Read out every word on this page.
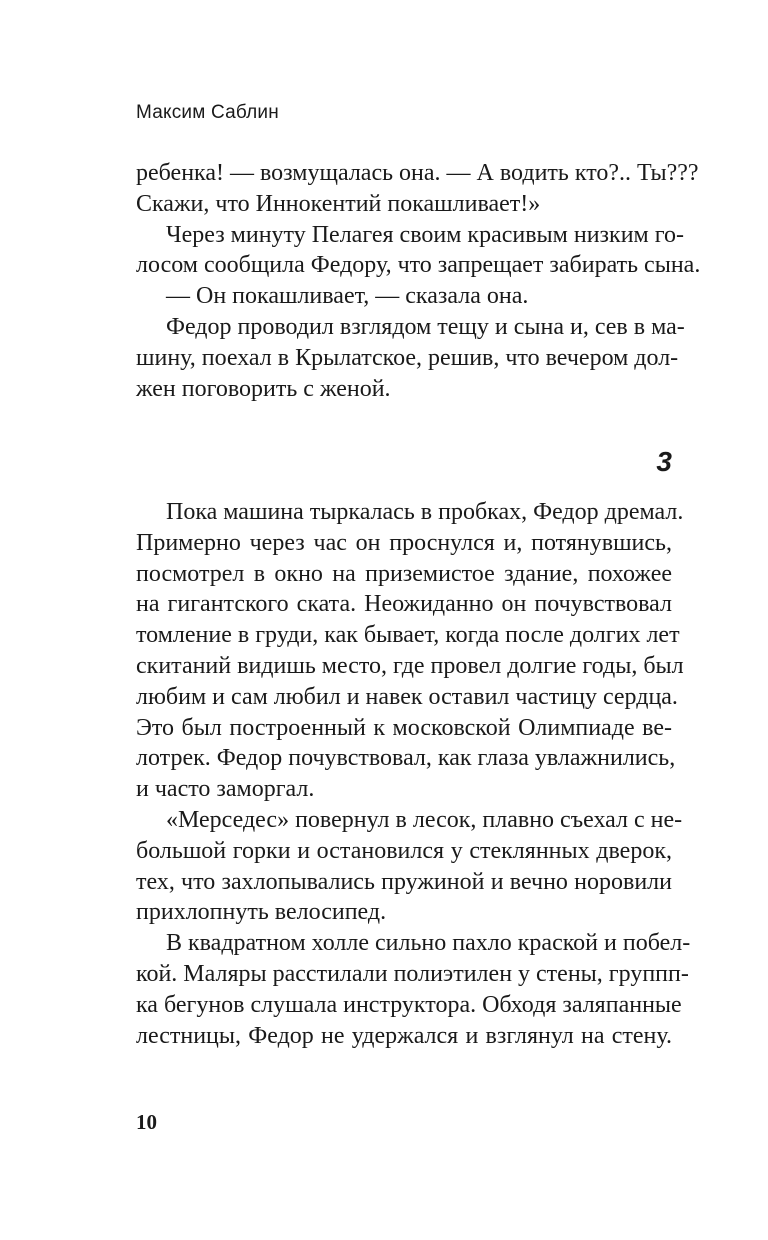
Максим Саблин

ребенка! — возмущалась она. — А водить кто?.. Ты???
Скажи, что Иннокентий покашливает!»

Через минуту Пелагея своим красивым низким го-
лосом сообщила Федору, что запрещает забирать сына.

— Он покашливает, — сказала она.

Федор проводил взглядом тещу и сына и, сев в ма-
шину, поехал в Крылатское, решив, что вечером дол-
жен поговорить с женой.

3

Пока машина тыркалась в пробках, Федор дремал.
Примерно через час он проснулся и, потянувшись,
посмотрел в окно на приземистое здание, похожее
на гигантского ската. Неожиданно он почувствовал
томление в груди, как бывает, когда после долгих лет
скитаний видишь место, где провел долгие годы, был
любим и сам любил и навек оставил частицу сердца.
Это был построенный к московской Олимпиаде ве-
лотрек. Федор почувствовал, как глаза увлажнились,
и часто заморгал.

«Мерседес» повернул в лесок, плавно съехал с не-
большой горки и остановился у стеклянных дверок,
тех, что захлопывались пружиной и вечно норовили
прихлопнуть велосипед.

В квадратном холле сильно пахло краской и побел-
кой. Маляры расстилали полиэтилен у стены, группп-
ка бегунов слушала инструктора. Обходя заляпанные
лестницы, Федор не удержался и взглянул на стену.

10
